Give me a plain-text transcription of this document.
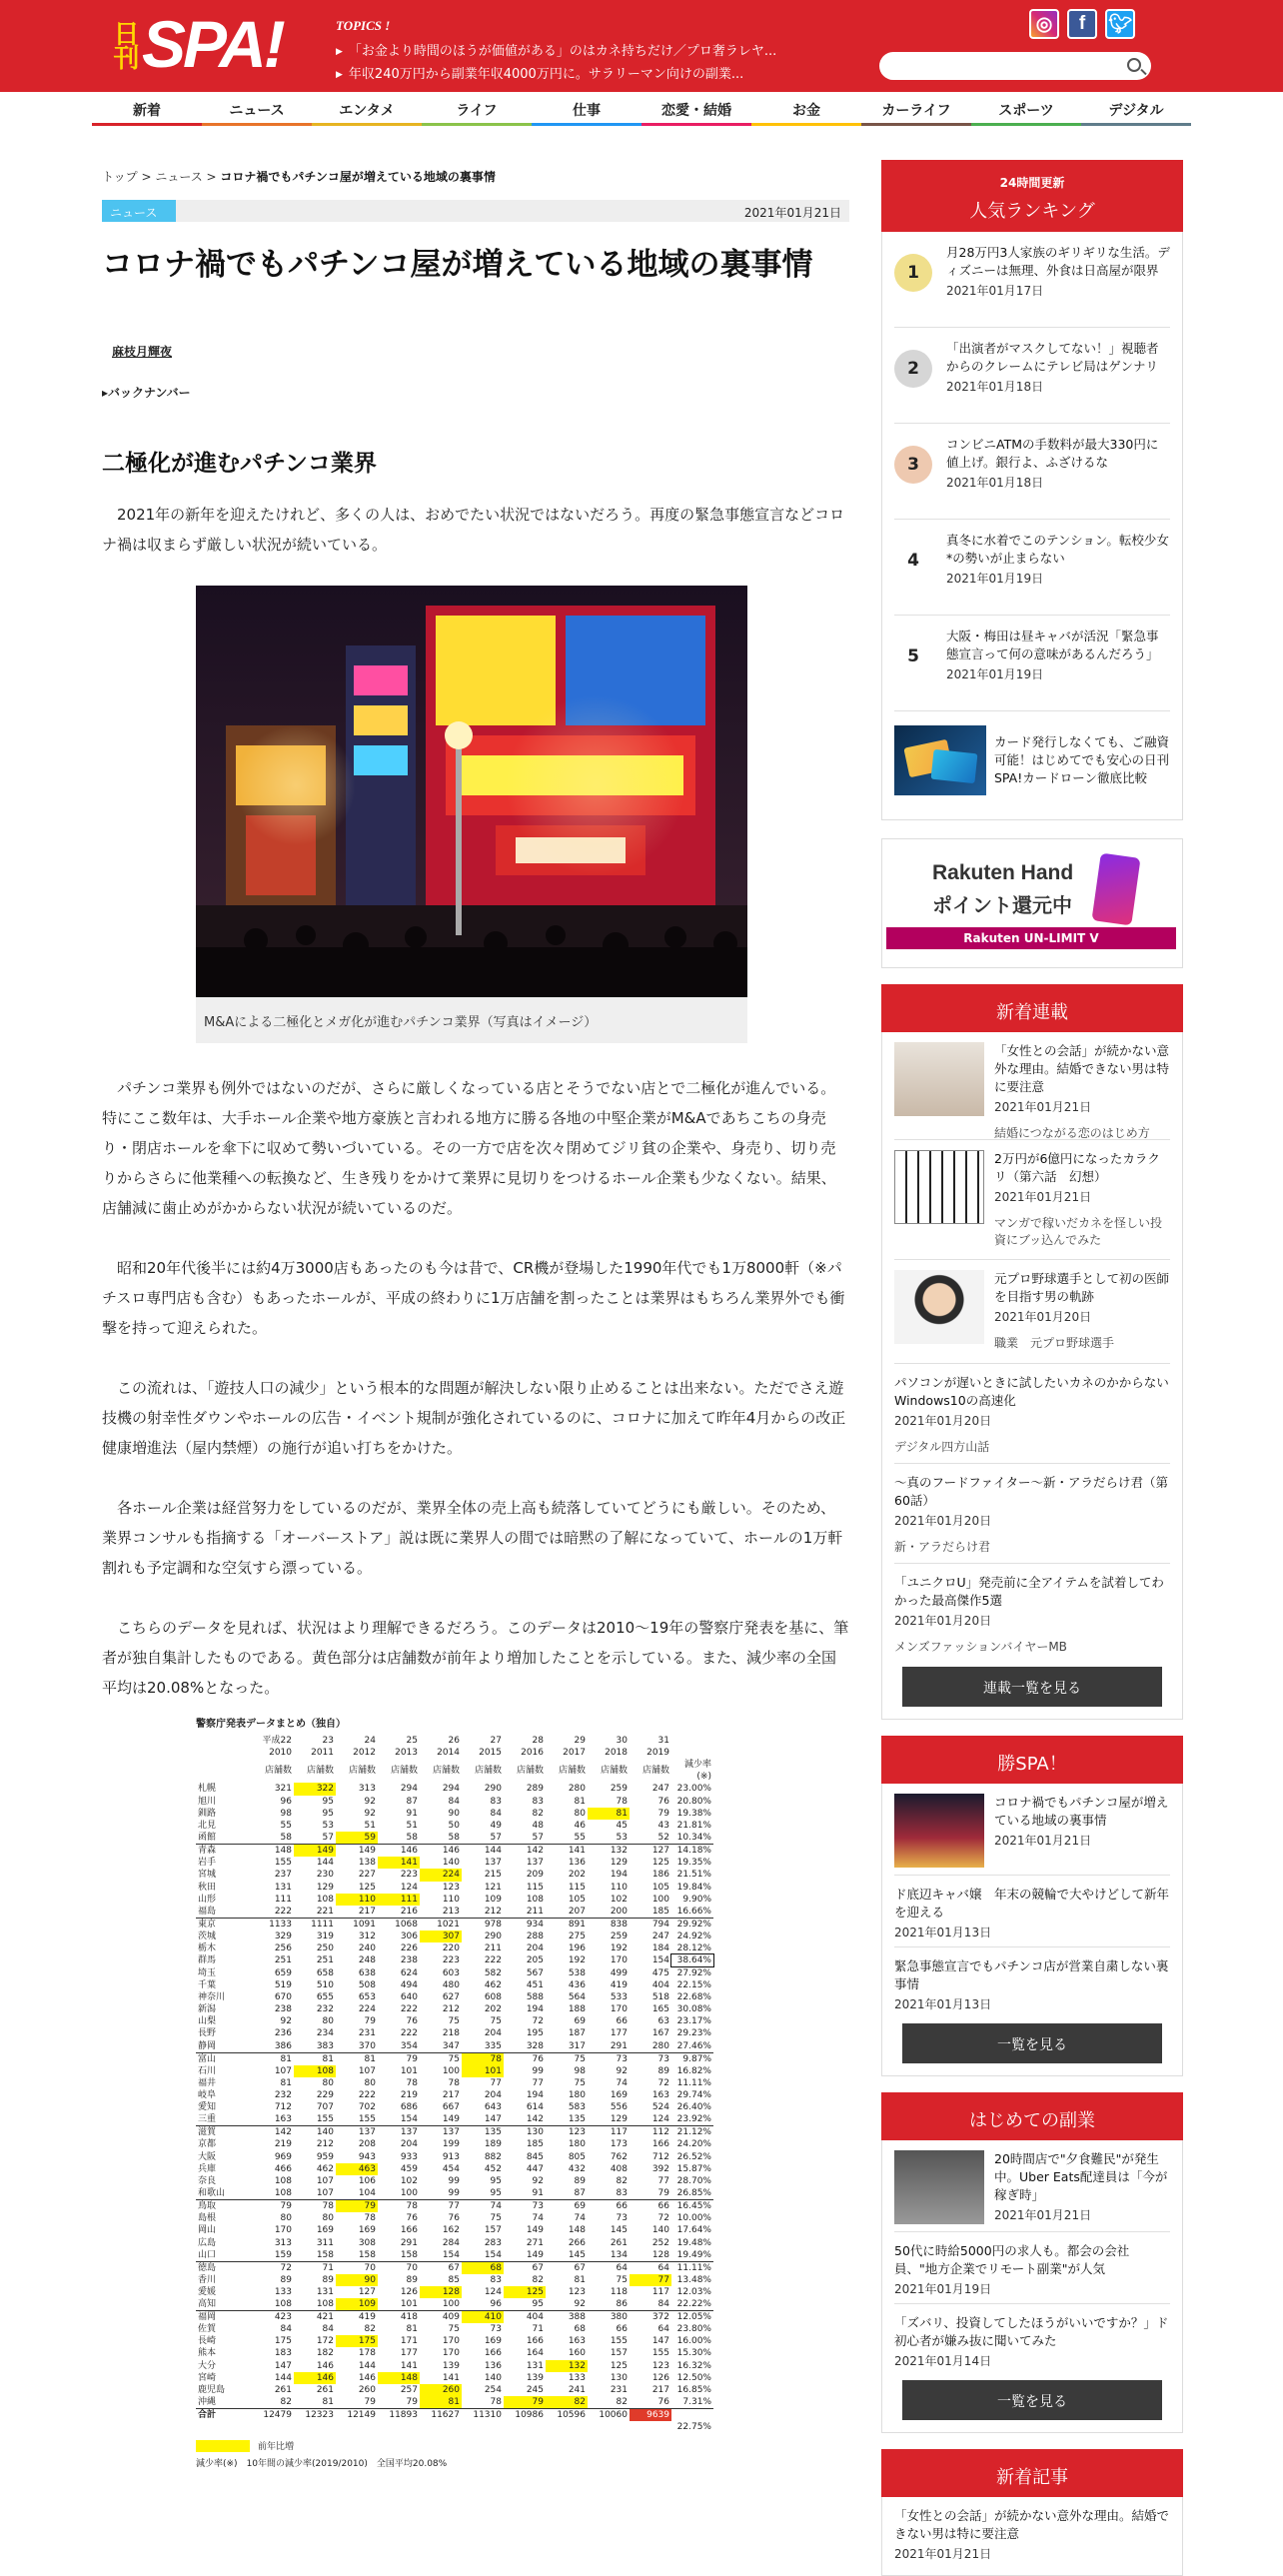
日刊 SPA!	TOPICS !
▶ 「お金より時間のほうが価値がある」のはカネ持ちだけ／プロ奢ラレヤ...
▶ 年収240万円から副業年収4000万円に。サラリーマン向けの副業...
◎	f	🐦︎
新着	ニュース	エンタメ	ライフ	仕事	恋愛・結婚	お金	カーライフ	スポーツ	デジタル
トップ > ニュース > コロナ禍でもパチンコ屋が増えている地域の裏事情
ニュース	2021年01月21日
コロナ禍でもパチンコ屋が増えている地域の裏事情
麻枝月輝夜
▸ バックナンバー
二極化が進むパチンコ業界

2021年の新年を迎えたけれど、多くの人は、おめでたい状況ではないだろう。再度の緊急事態宣言などコロナ禍は収まらず厳しい状況が続いている。

M&Aによる二極化とメガ化が進むパチンコ業界（写真はイメージ）

パチンコ業界も例外ではないのだが、さらに厳しくなっている店とそうでない店とで二極化が進んでいる。特にここ数年は、大手ホール企業や地方豪族と言われる地方に勝る各地の中堅企業がM&Aであちこちの身売り・閉店ホールを傘下に収めて勢いづいている。その一方で店を次々閉めてジリ貧の企業や、身売り、切り売りからさらに他業種への転換など、生き残りをかけて業界に見切りをつけるホール企業も少なくない。結果、店舗減に歯止めがかからない状況が続いているのだ。

昭和20年代後半には約4万3000店もあったのも今は昔で、CR機が登場した1990年代でも1万8000軒（※パチスロ専門店も含む）もあったホールが、平成の終わりに1万店舗を割ったことは業界はもちろん業界外でも衝撃を持って迎えられた。

この流れは、「遊技人口の減少」という根本的な問題が解決しない限り止めることは出来ない。ただでさえ遊技機の射幸性ダウンやホールの広告・イベント規制が強化されているのに、コロナに加えて昨年4月からの改正健康増進法（屋内禁煙）の施行が追い打ちをかけた。

各ホール企業は経営努力をしているのだが、業界全体の売上高も続落していてどうにも厳しい。そのため、業界コンサルも指摘する「オーバーストア」説は既に業界人の間では暗黙の了解になっていて、ホールの1万軒割れも予定調和な空気すら漂っている。

こちらのデータを見れば、状況はより理解できるだろう。このデータは2010～19年の警察庁発表を基に、筆者が独自集計したものである。黄色部分は店舗数が前年より増加したことを示している。また、減少率の全国平均は20.08%となった。

警察庁発表データまとめ（独自）
	平成22	23	24	25	26	27	28	29	30	31	
	2010	2011	2012	2013	2014	2015	2016	2017	2018	2019	
	店舗数	店舗数	店舗数	店舗数	店舗数	店舗数	店舗数	店舗数	店舗数	店舗数	減少率(※)
札幌	321	322	313	294	294	290	289	280	259	247	23.00%
旭川	96	95	92	87	84	83	83	81	78	76	20.80%
釧路	98	95	92	91	90	84	82	80	81	79	19.38%
北見	55	53	51	51	50	49	48	46	45	43	21.81%
函館	58	57	59	58	58	57	57	55	53	52	10.34%
青森	148	149	149	146	146	144	142	141	132	127	14.18%
岩手	155	144	138	141	140	137	137	136	129	125	19.35%
宮城	237	230	227	223	224	215	209	202	194	186	21.51%
秋田	131	129	125	124	123	121	115	115	110	105	19.84%
山形	111	108	110	111	110	109	108	105	102	100	9.90%
福島	222	221	217	216	213	212	211	207	200	185	16.66%
東京	1133	1111	1091	1068	1021	978	934	891	838	794	29.92%
茨城	329	319	312	306	307	290	288	275	259	247	24.92%
栃木	256	250	240	226	220	211	204	196	192	184	28.12%
群馬	251	251	248	238	223	222	205	192	170	154	38.64%
埼玉	659	658	638	624	603	582	567	538	499	475	27.92%
千葉	519	510	508	494	480	462	451	436	419	404	22.15%
神奈川	670	655	653	640	627	608	588	564	533	518	22.68%
新潟	238	232	224	222	212	202	194	188	170	165	30.08%
山梨	92	80	79	76	75	75	72	69	66	63	23.17%
長野	236	234	231	222	218	204	195	187	177	167	29.23%
静岡	386	383	370	354	347	335	328	317	291	280	27.46%
富山	81	81	81	79	75	78	76	75	73	73	9.87%
石川	107	108	107	101	100	101	99	98	92	89	16.82%
福井	81	80	80	78	78	77	77	75	74	72	11.11%
岐阜	232	229	222	219	217	204	194	180	169	163	29.74%
愛知	712	707	702	686	667	643	614	583	556	524	26.40%
三重	163	155	155	154	149	147	142	135	129	124	23.92%
滋賀	142	140	137	137	137	135	130	123	117	112	21.12%
京都	219	212	208	204	199	189	185	180	173	166	24.20%
大阪	969	959	943	933	913	882	845	805	762	712	26.52%
兵庫	466	462	463	459	454	452	447	432	408	392	15.87%
奈良	108	107	106	102	99	95	92	89	82	77	28.70%
和歌山	108	107	104	100	99	95	91	87	83	79	26.85%
鳥取	79	78	79	78	77	74	73	69	66	66	16.45%
島根	80	80	78	76	76	75	74	74	73	72	10.00%
岡山	170	169	169	166	162	157	149	148	145	140	17.64%
広島	313	311	308	291	284	283	271	266	261	252	19.48%
山口	159	158	158	158	154	154	149	145	134	128	19.49%
徳島	72	71	70	70	67	68	67	67	64	64	11.11%
香川	89	89	90	89	85	83	82	81	75	77	13.48%
愛媛	133	131	127	126	128	124	125	123	118	117	12.03%
高知	108	108	109	101	100	96	95	92	86	84	22.22%
福岡	423	421	419	418	409	410	404	388	380	372	12.05%
佐賀	84	84	82	81	75	73	71	68	66	64	23.80%
長崎	175	172	175	171	170	169	166	163	155	147	16.00%
熊本	183	182	178	177	170	166	164	160	157	155	15.30%
大分	147	146	144	141	139	136	131	132	125	123	16.32%
宮崎	144	146	146	148	141	140	139	133	130	126	12.50%
鹿児島	261	261	260	257	260	254	245	241	231	217	16.85%
沖縄	82	81	79	79	81	78	79	82	82	76	7.31%
合計	12479	12323	12149	11893	11627	11310	10986	10596	10060	9639	
											22.75%
前年比増
減少率(※)　10年間の減少率(2019/2010)　全国平均20.08%
24時間更新
人気ランキング
1
月28万円3人家族のギリギリな生活。ディズニーは無理、外食は日高屋が限界
2021年01月17日
2
「出演者がマスクしてない！」視聴者からのクレームにテレビ局はゲンナリ
2021年01月18日
3
コンビニATMの手数料が最大330円に値上げ。銀行よ、ふざけるな
2021年01月18日
4
真冬に水着でこのテンション。転校少女*の勢いが止まらない
2021年01月19日
5
大阪・梅田は昼キャバが活況「緊急事態宣言って何の意味があるんだろう」
2021年01月19日
カード発行しなくても、ご融資可能！はじめてでも安心の日刊SPA!カードローン徹底比較
Rakuten Hand
ポイント還元中
Rakuten UN-LIMIT V
新着連載
「女性との会話」が続かない意外な理由。結婚できない男は特に要注意
2021年01月21日
結婚につながる恋のはじめ方
2万円が6億円になったカラクリ（第六話　幻想）
2021年01月21日
マンガで稼いだカネを怪しい投資にブッ込んでみた
元プロ野球選手として初の医師を目指す男の軌跡
2021年01月20日
職業　元プロ野球選手
パソコンが遅いときに試したいカネのかからないWindows10の高速化
2021年01月20日
デジタル四方山話
～真のフードファイター～新・アラだらけ君（第60話）
2021年01月20日
新・アラだらけ君
「ユニクロU」発売前に全アイテムを試着してわかった最高傑作5選
2021年01月20日
メンズファッションバイヤーMB
連載一覧を見る
勝SPA！
コロナ禍でもパチンコ屋が増えている地域の裏事情
2021年01月21日
ド底辺キャバ嬢　年末の競輪で大やけどして新年を迎える
2021年01月13日
緊急事態宣言でもパチンコ店が営業自粛しない裏事情
2021年01月13日
一覧を見る
はじめての副業
20時間店で"夕食難民"が発生中。Uber Eats配達員は「今が稼ぎ時」
2021年01月21日
50代に時給5000円の求人も。都会の会社員、"地方企業でリモート副業"が人気
2021年01月19日
「ズバリ、投資してしたほうがいいですか？」ド初心者が嫌み抜に聞いてみた
2021年01月14日
一覧を見る
新着記事
「女性との会話」が続かない意外な理由。結婚できない男は特に要注意
2021年01月21日
